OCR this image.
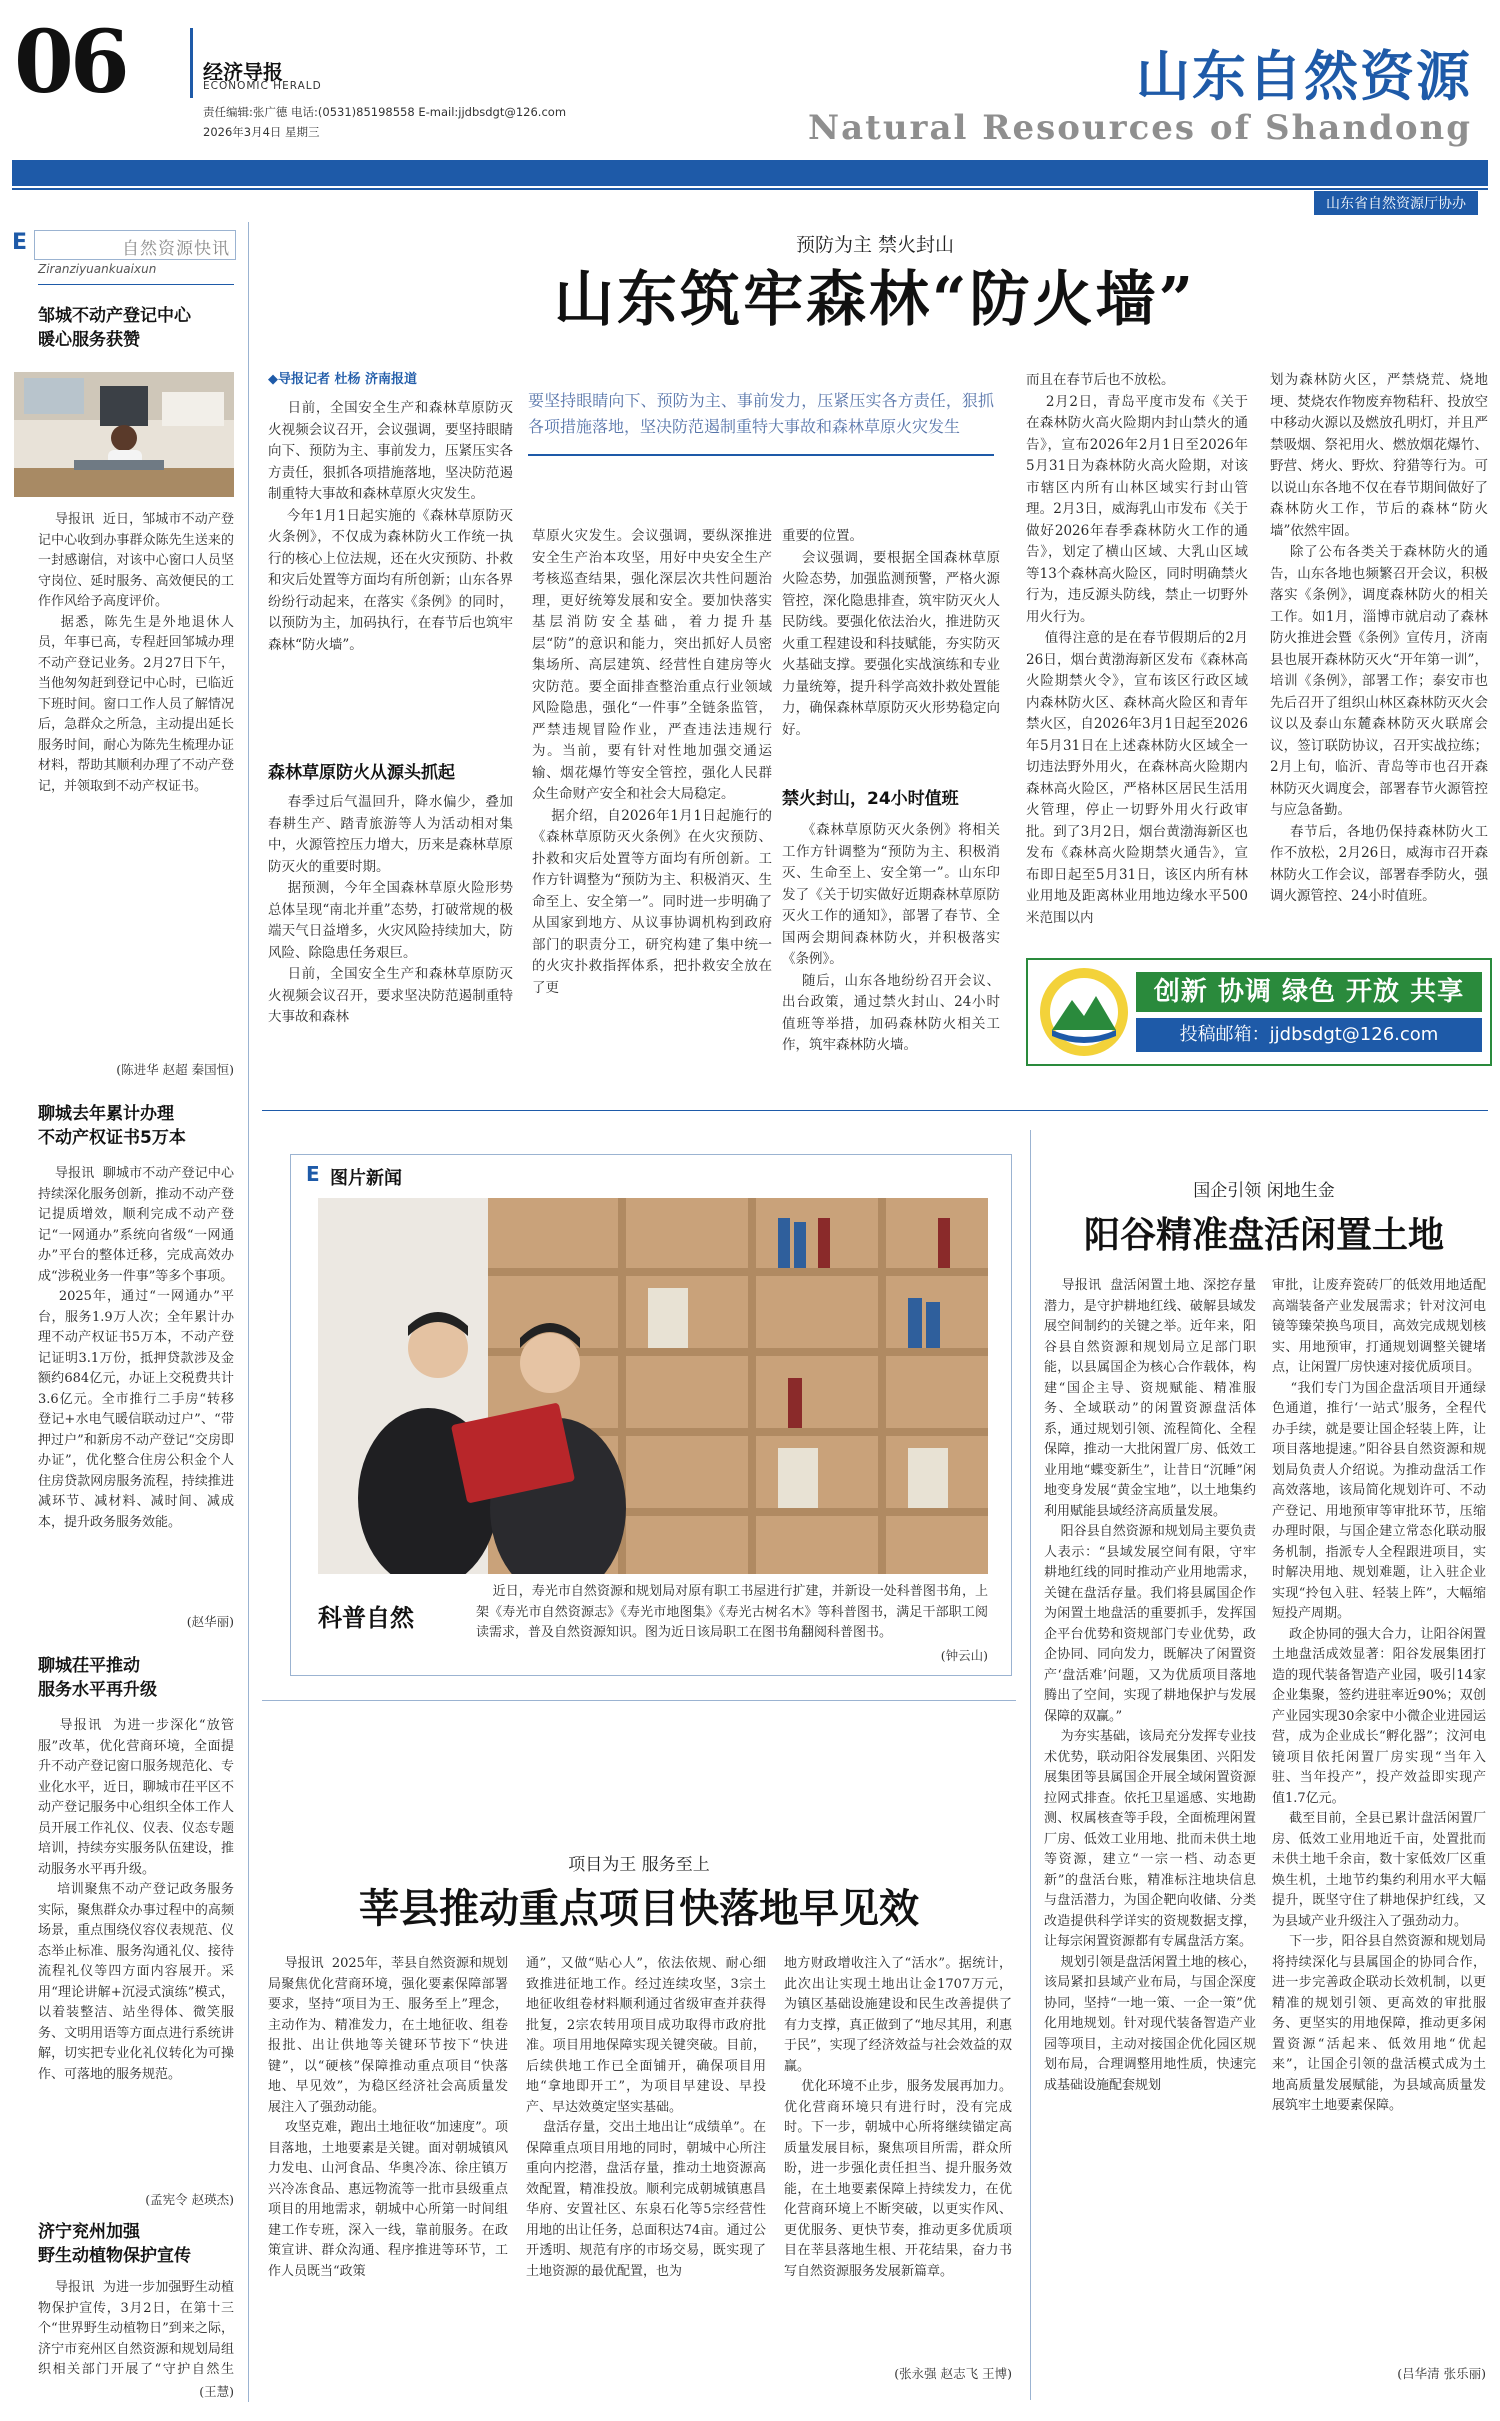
06	经济导报
ECONOMIC HERALD
责任编辑:张广德 电话:(0531)85198558 E-mail:jjdbsdgt@126.com
2026年3月4日 星期三
山东自然资源
Natural Resources of Shandong
山东省自然资源厅协办
E	自然资源快讯
Ziranziyuankuaixun
邹城不动产登记中心
暖心服务获赞
导报讯  近日，邹城市不动产登记中心收到办事群众陈先生送来的一封感谢信，对该中心窗口人员坚守岗位、延时服务、高效便民的工作作风给予高度评价。
据悉，陈先生是外地退休人员，年事已高，专程赶回邹城办理不动产登记业务。2月27日下午，当他匆匆赶到登记中心时，已临近下班时间。窗口工作人员了解情况后，急群众之所急，主动提出延长服务时间，耐心为陈先生梳理办证材料，帮助其顺利办理了不动产登记，并领取到不动产权证书。
(陈进华 赵超 秦国恒)
聊城去年累计办理
不动产权证书5万本
导报讯  聊城市不动产登记中心持续深化服务创新，推动不动产登记提质增效，顺利完成不动产登记“一网通办”系统向省级“一网通办”平台的整体迁移，完成高效办成“涉税业务一件事”等多个事项。
2025年，通过“一网通办”平台，服务1.9万人次；全年累计办理不动产权证书5万本，不动产登记证明3.1万份，抵押贷款涉及金额约684亿元，办证上交税费共计3.6亿元。全市推行二手房“转移登记+水电气暖信联动过户”、“带押过户”和新房不动产登记“交房即办证”，优化整合住房公积金个人住房贷款网房服务流程，持续推进减环节、减材料、减时间、减成本，提升政务服务效能。
(赵华丽)
聊城茌平推动
服务水平再升级
导报讯  为进一步深化“放管服”改革，优化营商环境，全面提升不动产登记窗口服务规范化、专业化水平，近日，聊城市茌平区不动产登记服务中心组织全体工作人员开展工作礼仪、仪表、仪态专题培训，持续夯实服务队伍建设，推动服务水平再升级。
培训聚焦不动产登记政务服务实际，聚焦群众办事过程中的高频场景，重点围绕仪容仪表规范、仪态举止标准、服务沟通礼仪、接待流程礼仪等四方面内容展开。采用“理论讲解+沉浸式演练”模式，以着装整洁、站坐得体、微笑服务、文明用语等方面点进行系统讲解，切实把专业化礼仪转化为可操作、可落地的服务规范。
(孟宪令 赵瑛杰)
济宁兖州加强
野生动植物保护宣传
导报讯  为进一步加强野生动植物保护宣传，3月2日，在第十三个“世界野生动植物日”到来之际，济宁市兖州区自然资源和规划局组织相关部门开展了“守护自然生

(王慧)
预防为主 禁火封山
山东筑牢森林“防火墙”
◆导报记者 杜杨 济南报道
要坚持眼睛向下、预防为主、事前发力，压紧压实各方责任，狠抓各项措施落地，坚决防范遏制重特大事故和森林草原火灾发生
日前，全国安全生产和森林草原防灭火视频会议召开，会议强调，要坚持眼睛向下、预防为主、事前发力，压紧压实各方责任，狠抓各项措施落地，坚决防范遏制重特大事故和森林草原火灾发生。
今年1月1日起实施的《森林草原防灭火条例》，不仅成为森林防火工作统一执行的核心上位法规，还在火灾预防、扑救和灾后处置等方面均有所创新；山东各界纷纷行动起来，在落实《条例》的同时，以预防为主，加码执行，在春节后也筑牢森林“防火墙”。
森林草原防火从源头抓起
春季过后气温回升，降水偏少，叠加春耕生产、踏青旅游等人为活动相对集中，火源管控压力增大，历来是森林草原防灭火的重要时期。
据预测，今年全国森林草原火险形势总体呈现“南北并重”态势，打破常规的极端天气日益增多，火灾风险持续加大，防风险、除隐患任务艰巨。
日前，全国安全生产和森林草原防灭火视频会议召开，要求坚决防范遏制重特大事故和森林
草原火灾发生。会议强调，要纵深推进安全生产治本攻坚，用好中央安全生产考核巡查结果，强化深层次共性问题治理，更好统筹发展和安全。要加快落实基层消防安全基础，着力提升基层“防”的意识和能力，突出抓好人员密集场所、高层建筑、经营性自建房等火灾防范。要全面排查整治重点行业领域风险隐患，强化“一件事”全链条监管，严禁违规冒险作业，严查违法违规行为。当前，要有针对性地加强交通运输、烟花爆竹等安全管控，强化人民群众生命财产安全和社会大局稳定。
据介绍，自2026年1月1日起施行的《森林草原防灭火条例》在火灾预防、扑救和灾后处置等方面均有所创新。工作方针调整为“预防为主、积极消灭、生命至上、安全第一”。同时进一步明确了从国家到地方、从议事协调机构到政府部门的职责分工，研究构建了集中统一的火灾扑救指挥体系，把扑救安全放在了更
重要的位置。
会议强调，要根据全国森林草原火险态势，加强监测预警，严格火源管控，深化隐患排查，筑牢防灭火人民防线。要强化依法治火，推进防灭火重工程建设和科技赋能，夯实防灭火基础支撑。要强化实战演练和专业力量统筹，提升科学高效扑救处置能力，确保森林草原防灭火形势稳定向好。
禁火封山，24小时值班
《森林草原防灭火条例》将相关工作方针调整为“预防为主、积极消灭、生命至上、安全第一”。山东印发了《关于切实做好近期森林草原防灭火工作的通知》，部署了春节、全国两会期间森林防火，并积极落实《条例》。
随后，山东各地纷纷召开会议、出台政策，通过禁火封山、24小时值班等举措，加码森林防火相关工作，筑牢森林防火墙。
而且在春节后也不放松。
2月2日，青岛平度市发布《关于在森林防火高火险期内封山禁火的通告》，宣布2026年2月1日至2026年5月31日为森林防火高火险期，对该市辖区内所有山林区域实行封山管理。2月3日，威海乳山市发布《关于做好2026年春季森林防火工作的通告》，划定了横山区域、大乳山区域等13个森林高火险区，同时明确禁火行为，违反源头防线，禁止一切野外用火行为。
值得注意的是在春节假期后的2月26日，烟台黄渤海新区发布《森林高火险期禁火令》，宣布该区行政区域内森林防火区、森林高火险区和青年禁火区，自2026年3月1日起至2026年5月31日在上述森林防火区域全一切违法野外用火，在森林高火险期内森林高火险区，严格林区居民生活用火管理，停止一切野外用火行政审批。到了3月2日，烟台黄渤海新区也发布《森林高火险期禁火通告》，宣布即日起至5月31日，该区内所有林业用地及距离林业用地边缘水平500米范围以内
划为森林防火区，严禁烧荒、烧地埂、焚烧农作物废弃物秸秆、投放空中移动火源以及燃放孔明灯，并且严禁吸烟、祭祀用火、燃放烟花爆竹、野营、烤火、野炊、狩猎等行为。可以说山东各地不仅在春节期间做好了森林防火工作，节后的森林“防火墙”依然牢固。
除了公布各类关于森林防火的通告，山东各地也频繁召开会议，积极落实《条例》，调度森林防火的相关工作。如1月，淄博市就启动了森林防火推进会暨《条例》宣传月，济南县也展开森林防灭火“开年第一训”，培训《条例》，部署工作；泰安市也先后召开了组织山林区森林防灭火会议以及泰山东麓森林防灭火联席会议，签订联防协议，召开实战拉练；2月上旬，临沂、青岛等市也召开森林防灭火调度会，部署春节火源管控与应急备勤。
春节后，各地仍保持森林防火工作不放松，2月26日，威海市召开森林防火工作会议，部署春季防火，强调火源管控、24小时值班。
创新 协调 绿色 开放 共享
投稿邮箱：jjdbsdgt@126.com
E 图片新闻
科普自然
近日，寿光市自然资源和规划局对原有职工书屋进行扩建，并新设一处科普图书角，上架《寿光市自然资源志》《寿光市地图集》《寿光古树名木》等科普图书，满足干部职工阅读需求，普及自然资源知识。图为近日该局职工在图书角翻阅科普图书。
(钟云山)
国企引领 闲地生金
阳谷精准盘活闲置土地
导报讯  盘活闲置土地、深挖存量潜力，是守护耕地红线、破解县域发展空间制约的关键之举。近年来，阳谷县自然资源和规划局立足部门职能，以县属国企为核心合作载体，构建“国企主导、资规赋能、精准服务、全域联动”的闲置资源盘活体系，通过规划引领、流程简化、全程保障，推动一大批闲置厂房、低效工业用地“蝶变新生”，让昔日“沉睡”闲地变身发展“黄金宝地”，以土地集约利用赋能县域经济高质量发展。
阳谷县自然资源和规划局主要负责人表示：“县域发展空间有限，守牢耕地红线的同时推动产业用地需求，关键在盘活存量。我们将县属国企作为闲置土地盘活的重要抓手，发挥国企平台优势和资规部门专业优势，政企协同、同向发力，既解决了闲置资产‘盘活难’问题，又为优质项目落地腾出了空间，实现了耕地保护与发展保障的双赢。”
为夯实基础，该局充分发挥专业技术优势，联动阳谷发展集团、兴阳发展集团等县属国企开展全域闲置资源拉网式排查。依托卫星遥感、实地勘测、权属核查等手段，全面梳理闲置厂房、低效工业用地、批而未供土地等资源，建立“一宗一档、动态更新”的盘活台账，精准标注地块信息与盘活潜力，为国企靶向收储、分类改造提供科学详实的资规数据支撑，让每宗闲置资源都有专属盘活方案。
规划引领是盘活闲置土地的核心，该局紧扣县域产业布局，与国企深度协同，坚持“一地一策、一企一策”优化用地规划。针对现代装备智造产业园等项目，主动对接国企优化园区规划布局，合理调整用地性质，快速完成基础设施配套规划
审批，让废弃瓷砖厂的低效用地适配高端装备产业发展需求；针对汶河电镜等臻荣换鸟项目，高效完成规划核实、用地预审，打通规划调整关键堵点，让闲置厂房快速对接优质项目。
“我们专门为国企盘活项目开通绿色通道，推行‘一站式’服务，全程代办手续，就是要让国企轻装上阵，让项目落地提速。”阳谷县自然资源和规划局负责人介绍说。为推动盘活工作高效落地，该局简化规划许可、不动产登记、用地预审等审批环节，压缩办理时限，与国企建立常态化联动服务机制，指派专人全程跟进项目，实时解决用地、规划难题，让入驻企业实现“拎包入驻、轻装上阵”，大幅缩短投产周期。
政企协同的强大合力，让阳谷闲置土地盘活成效显著：阳谷发展集团打造的现代装备智造产业园，吸引14家企业集聚，签约进驻率近90%；双创产业园实现30余家中小微企业进园运营，成为企业成长“孵化器”；汶河电镜项目依托闲置厂房实现“当年入驻、当年投产”，投产效益即实现产值1.7亿元。
截至目前，全县已累计盘活闲置厂房、低效工业用地近千亩，处置批而未供土地千余亩，数十家低效厂区重焕生机，土地节约集约利用水平大幅提升，既坚守住了耕地保护红线，又为县域产业升级注入了强劲动力。
下一步，阳谷县自然资源和规划局将持续深化与县属国企的协同合作，进一步完善政企联动长效机制，以更精准的规划引领、更高效的审批服务、更坚实的用地保障，推动更多闲置资源“活起来、低效用地“优起来”，让国企引领的盘活模式成为土地高质量发展赋能，为县域高质量发展筑牢土地要素保障。
(吕华清 张乐丽)
项目为王 服务至上
莘县推动重点项目快落地早见效
导报讯  2025年，莘县自然资源和规划局聚焦优化营商环境，强化要素保障部署要求，坚持“项目为王、服务至上”理念，主动作为、精准发力，在土地征收、组卷报批、出让供地等关键环节按下“快进键”，以“硬核”保障推动重点项目“快落地、早见效”，为稳区经济社会高质量发展注入了强劲动能。
攻坚克难，跑出土地征收“加速度”。项目落地，土地要素是关键。面对朝城镇风力发电、山河食品、华奥冷冻、徐庄镇万兴冷冻食品、惠远物流等一批市县级重点项目的用地需求，朝城中心所第一时间组建工作专班，深入一线，靠前服务。在政策宣讲、群众沟通、程序推进等环节，工作人员既当“政策
通”，又做“贴心人”，依法依规、耐心细致推进征地工作。经过连续攻坚，3宗土地征收组卷材料顺利通过省级审查并获得批复，2宗农转用项目成功取得市政府批准。项目用地保障实现关键突破。目前，后续供地工作已全面铺开，确保项目用地“拿地即开工”，为项目早建设、早投产、早达效奠定坚实基础。
盘活存量，交出土地出让“成绩单”。在保障重点项目用地的同时，朝城中心所注重向内挖潜，盘活存量，推动土地资源高效配置，精准投放。顺利完成朝城镇惠昌华府、安置社区、东泉石化等5宗经营性用地的出让任务，总面积达74亩。通过公开透明、规范有序的市场交易，既实现了土地资源的最优配置，也为
地方财政增收注入了“活水”。据统计，此次出让实现土地出让金1707万元，为镇区基础设施建设和民生改善提供了有力支撑，真正做到了“地尽其用，利惠于民”，实现了经济效益与社会效益的双赢。
优化环境不止步，服务发展再加力。优化营商环境只有进行时，没有完成时。下一步，朝城中心所将继续锚定高质量发展目标，聚焦项目所需，群众所盼，进一步强化责任担当、提升服务效能，在土地要素保障上持续发力，在优化营商环境上不断突破，以更实作风、更优服务、更快节奏，推动更多优质项目在莘县落地生根、开花结果，奋力书写自然资源服务发展新篇章。
(张永强 赵志飞 王博)
